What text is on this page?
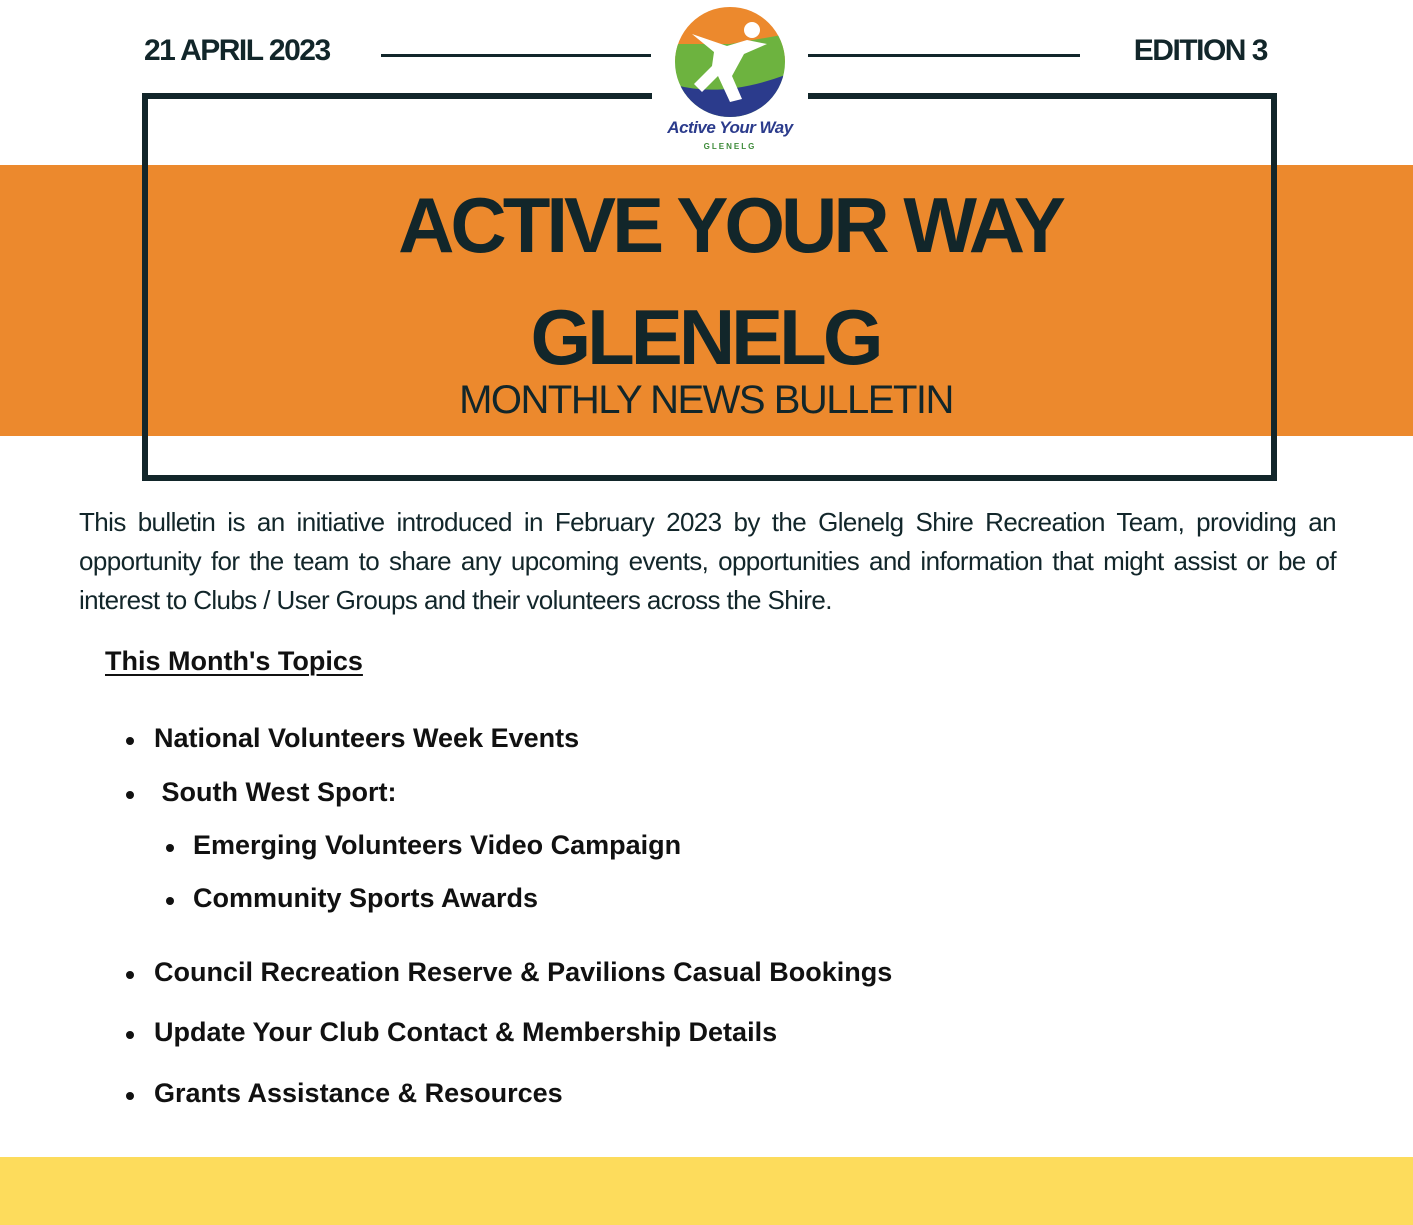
21 APRIL 2023	EDITION 3
Active Your Way
GLENELG
ACTIVE YOUR WAY
GLENELG
MONTHLY NEWS BULLETIN
This bulletin is an initiative introduced in February 2023 by the Glenelg Shire Recreation Team, providing an opportunity for the team to share any upcoming events, opportunities and information that might assist or be of interest to Clubs / User Groups and their volunteers across the Shire.
This Month's Topics
National Volunteers Week Events
South West Sport:
Emerging Volunteers Video Campaign
Community Sports Awards
Council Recreation Reserve & Pavilions Casual Bookings
Update Your Club Contact & Membership Details
Grants Assistance & Resources
